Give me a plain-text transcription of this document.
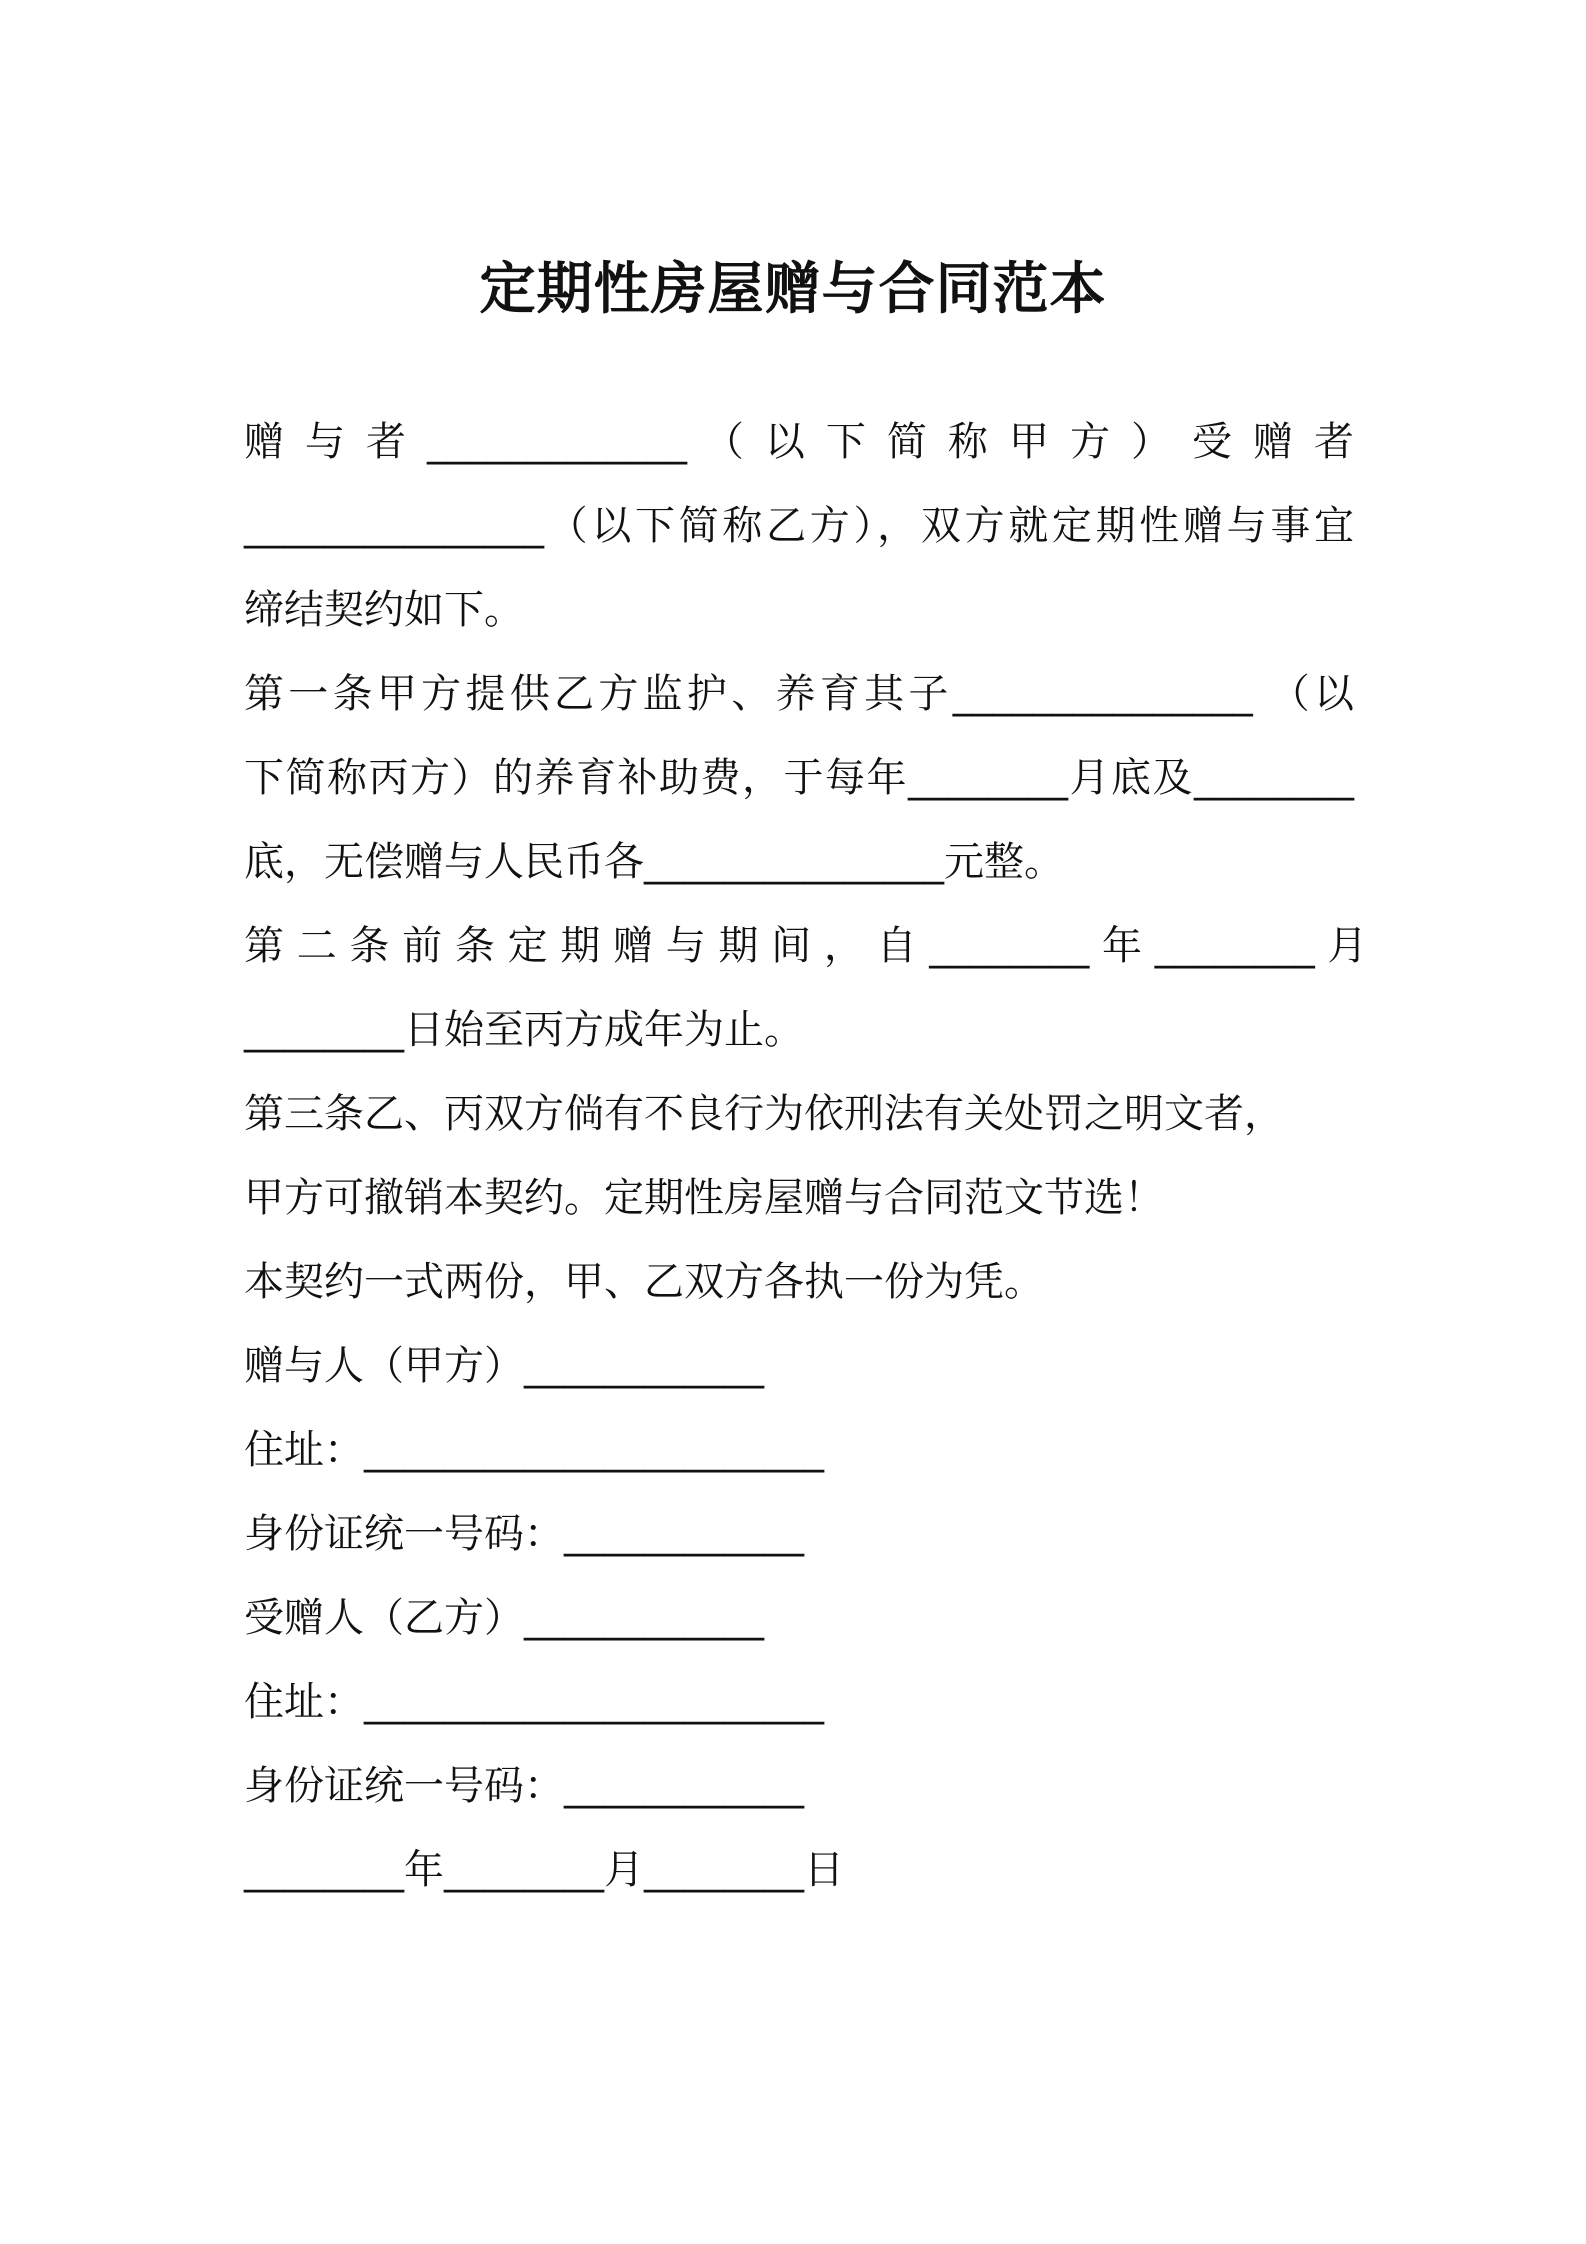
定期性房屋赠与合同范本
赠 与 者 _____________ （ 以 下 简 称 甲 方 ） 受 赠 者
_______________（以下简称乙方），双方就定期性赠与事宜
缔结契约如下。
第一条甲方提供乙方监护、养育其子_______________ （以
下简称丙方）的养育补助费，于每年________月底及________
底，无偿赠与人民币各_______________元整。
第 二 条 前 条 定 期 赠 与 期 间 ， 自 ________ 年 ________ 月
________日始至丙方成年为止。
第三条乙、丙双方倘有不良行为依刑法有关处罚之明文者，
甲方可撤销本契约。定期性房屋赠与合同范文节选！
本契约一式两份，甲、乙双方各执一份为凭。
赠与人（甲方）____________
住址：_______________________
身份证统一号码：____________
受赠人（乙方）____________
住址：_______________________
身份证统一号码：____________
________年________月________日
